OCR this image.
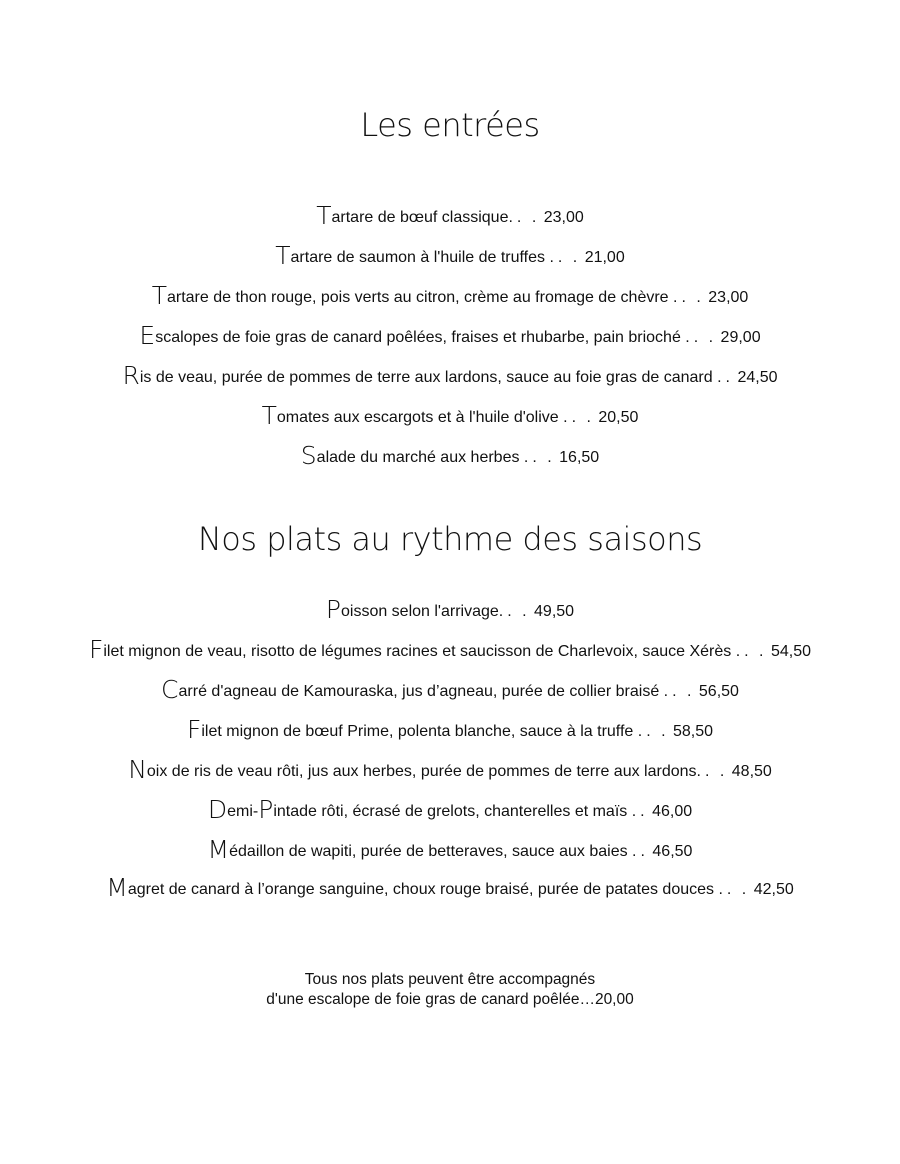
Les entrées
Tartare de bœuf classique. . . 23,00
Tartare de saumon à l'huile de truffes . . . 21,00
Tartare de thon rouge, pois verts au citron, crème au fromage de chèvre . . . 23,00
Escalopes de foie gras de canard poêlées, fraises et rhubarbe, pain brioché . . . 29,00
Ris de veau, purée de pommes de terre aux lardons, sauce au foie gras de canard . . 24,50
Tomates aux escargots et à l'huile d'olive . . . 20,50
Salade du marché aux herbes . . . 16,50
Nos plats au rythme des saisons
Poisson selon l'arrivage. . . 49,50
Filet mignon de veau, risotto de légumes racines et saucisson de Charlevoix, sauce Xérès . . . 54,50
Carré d'agneau de Kamouraska, jus d’agneau, purée de collier braisé . . . 56,50
Filet mignon de bœuf Prime, polenta blanche, sauce à la truffe . . . 58,50
Noix de ris de veau rôti, jus aux herbes, purée de pommes de terre aux lardons. . . 48,50
Demi-Pintade rôti, écrasé de grelots, chanterelles et maïs . . 46,00
Médaillon de wapiti, purée de betteraves, sauce aux baies . . 46,50
Magret de canard à l’orange sanguine, choux rouge braisé, purée de patates douces . . . 42,50
Tous nos plats peuvent être accompagnés
d'une escalope de foie gras de canard poêlée…20,00
